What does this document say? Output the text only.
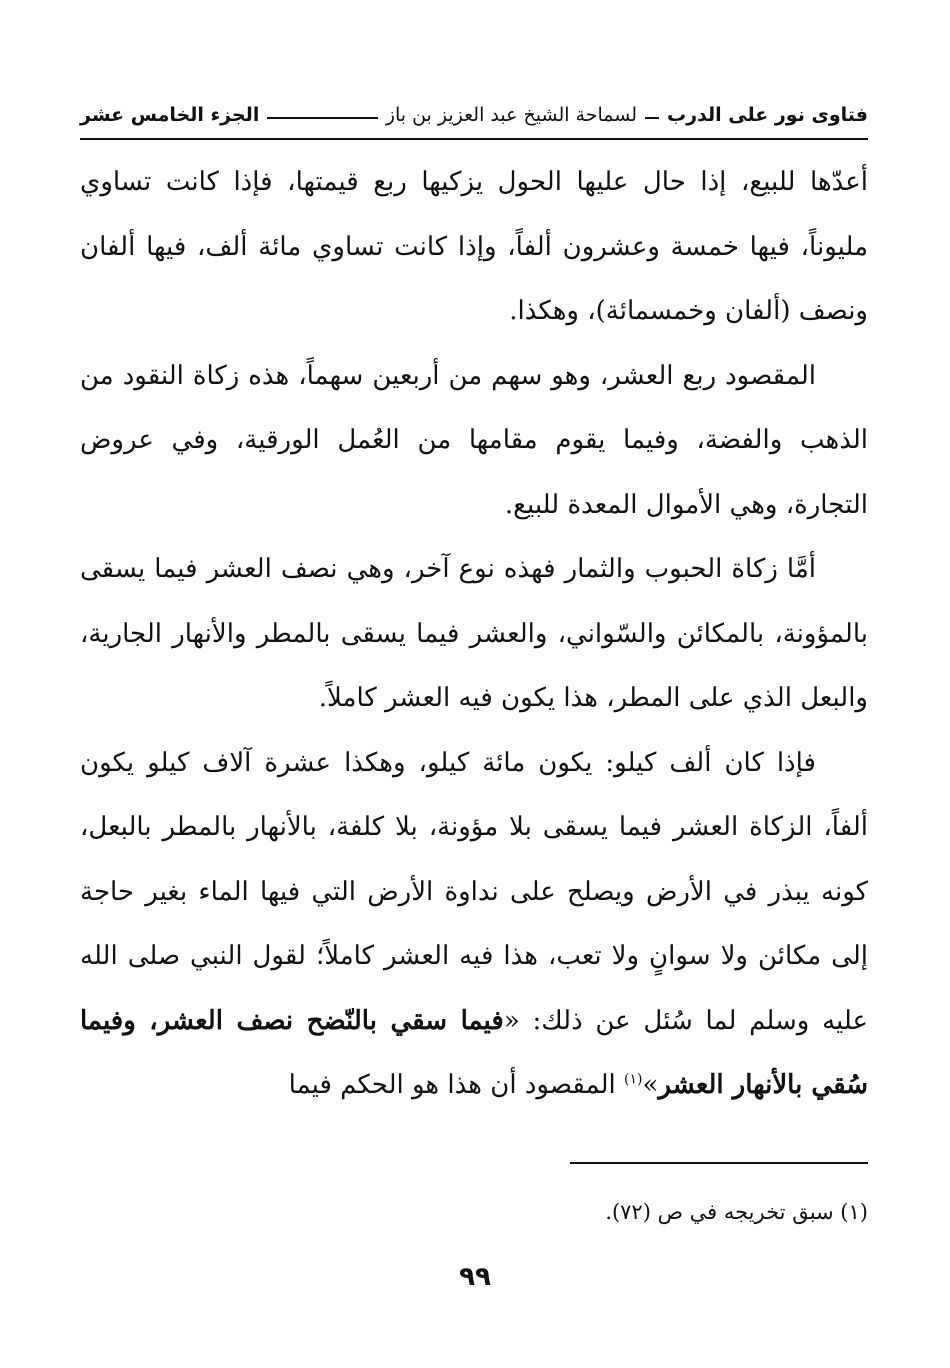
فتاوى نور على الدرب
لسماحة الشيخ عبد العزيز بن باز
الجزء الخامس عشر

أعدّها للبيع، إذا حال عليها الحول يزكيها ربع قيمتها، فإذا كانت تساوي مليوناً، فيها خمسة وعشرون ألفاً، وإذا كانت تساوي مائة ألف، فيها ألفان ونصف (ألفان وخمسمائة)، وهكذا.

المقصود ربع العشر، وهو سهم من أربعين سهماً، هذه زكاة النقود من الذهب والفضة، وفيما يقوم مقامها من العُمل الورقية، وفي عروض التجارة، وهي الأموال المعدة للبيع.

أمَّا زكاة الحبوب والثمار فهذه نوع آخر، وهي نصف العشر فيما يسقى بالمؤونة، بالمكائن والسّواني، والعشر فيما يسقى بالمطر والأنهار الجارية، والبعل الذي على المطر، هذا يكون فيه العشر كاملاً.

فإذا كان ألف كيلو: يكون مائة كيلو، وهكذا عشرة آلاف كيلو يكون ألفاً، الزكاة العشر فيما يسقى بلا مؤونة، بلا كلفة، بالأنهار بالمطر بالبعل، كونه يبذر في الأرض ويصلح على نداوة الأرض التي فيها الماء بغير حاجة إلى مكائن ولا سوانٍ ولا تعب، هذا فيه العشر كاملاً؛ لقول النبي صلى الله عليه وسلم لما سُئل عن ذلك: «فيما سقي بالنّضح نصف العشر، وفيما سُقي بالأنهار العشر»$^{(١)}$ المقصود أن هذا هو الحكم فيما

(١) سبق تخريجه في ص (٧٢).
٩٩
